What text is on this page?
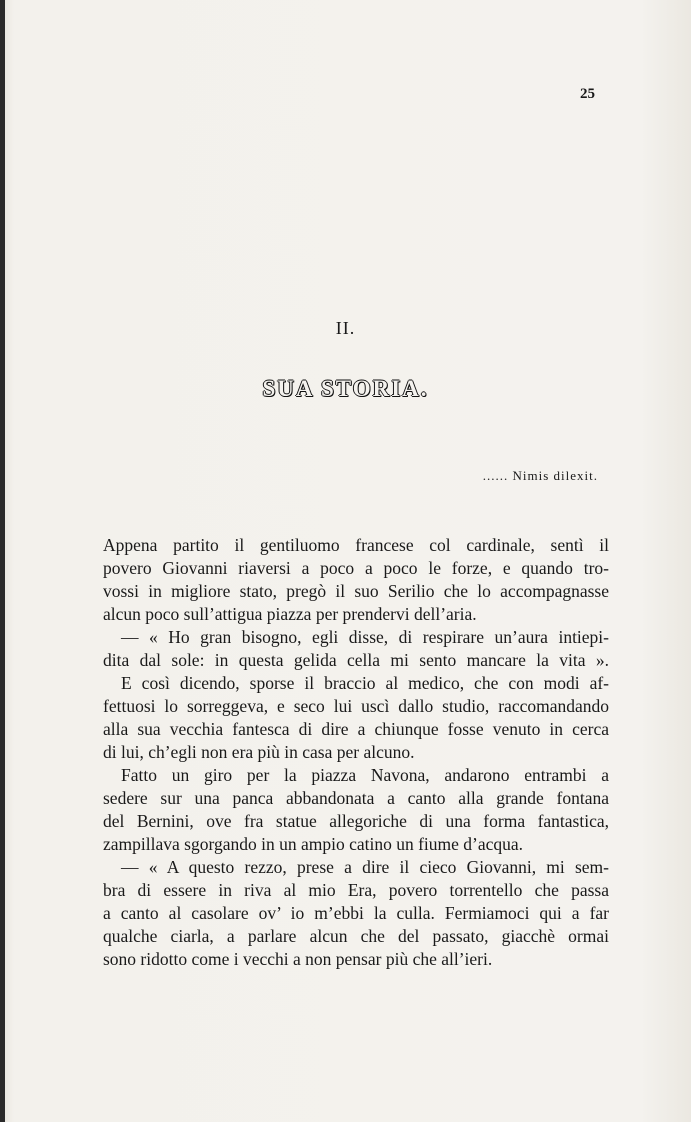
25
II.
SUA STORIA.
...... Nimis dilexit.
Appena partito il gentiluomo francese col cardinale, sentì il
povero Giovanni riaversi a poco a poco le forze, e quando tro-
vossi in migliore stato, pregò il suo Serilio che lo accompagnasse
alcun poco sull’attigua piazza per prendervi dell’aria.
— « Ho gran bisogno, egli disse, di respirare un’aura intiepi-
dita dal sole: in questa gelida cella mi sento mancare la vita ».
E così dicendo, sporse il braccio al medico, che con modi af-
fettuosi lo sorreggeva, e seco lui uscì dallo studio, raccomandando
alla sua vecchia fantesca di dire a chiunque fosse venuto in cerca
di lui, ch’egli non era più in casa per alcuno.
Fatto un giro per la piazza Navona, andarono entrambi a
sedere sur una panca abbandonata a canto alla grande fontana
del Bernini, ove fra statue allegoriche di una forma fantastica,
zampillava sgorgando in un ampio catino un fiume d’acqua.
— « A questo rezzo, prese a dire il cieco Giovanni, mi sem-
bra di essere in riva al mio Era, povero torrentello che passa
a canto al casolare ov’ io m’ebbi la culla. Fermiamoci qui a far
qualche ciarla, a parlare alcun che del passato, giacchè ormai
sono ridotto come i vecchi a non pensar più che all’ieri.
